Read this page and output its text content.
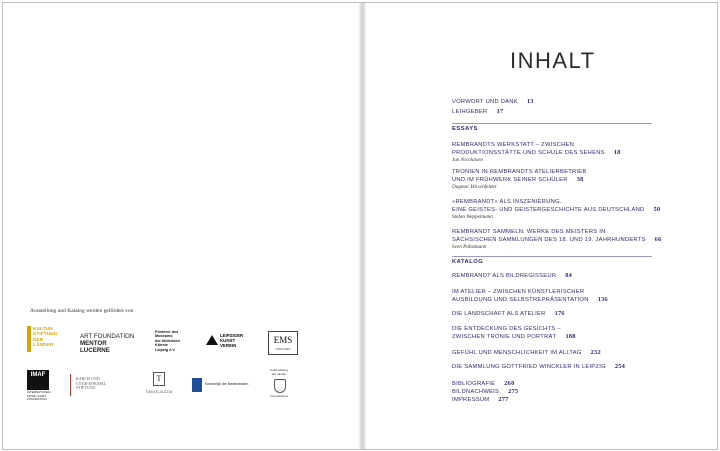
Ausstellung und Katalog werden gefördert von
KULTUR
STIFTUNG
DER
LÄNDER
ART FOUNDATION
MENTOR LUCERNE
Förderer des
Museums
der bildenden
Künste
Leipzig e.V.
LEIPZIGER
KUNST
VEREIN
EMS
STIFTUNG
IMAF
INTERNATIONAL
MUSIC & ART
FOUNDATION
KARCH UND
COUR-SINGHAL
STIFTUNG
T
TAVOLOZZA
Koninkrijk der Nederlanden
Kulturstiftung
der Länder
Freundeskreis
INHALT
VORWORT UND DANK 13
LEIHGEBER 17
ESSAYS
REMBRANDTS WERKSTATT – ZWISCHEN
PRODUKTIONSSTÄTTE UND SCHULE DES SEHENS 18
Jan Nicolaisen
TRONIEN IN REMBRANDTS ATELIERBETRIEB
UND IM FRÜHWERK SEINER SCHÜLER 38
Dagmar Hirschfelder
»REMBRANDT« ALS INSZENIERUNG.
EINE GEISTES- UND GEISTERGESCHICHTE AUS DEUTSCHLAND 50
Stefan Weppelmann
REMBRANDT SAMMELN. WERKE DES MEISTERS IN
SÄCHSISCHEN SAMMLUNGEN DES 18. UND 19. JAHRHUNDERTS 66
Sven Pabstmann
KATALOG
REMBRANDT ALS BILDREGISSEUR 84
IM ATELIER – ZWISCHEN KÜNSTLERISCHER
AUSBILDUNG UND SELBSTREPRÄSENTATION 136
DIE LANDSCHAFT ALS ATELIER 176
DIE ENTDECKUNG DES GESICHTS –
ZWISCHEN TRONIE UND PORTRÄT 188
GEFÜHL UND MENSCHLICHKEIT IM ALLTAG 232
DIE SAMMLUNG GOTTFRIED WINCKLER IN LEIPZIG 254
BIBLIOGRAFIE 260
BILDNACHWEIS 275
IMPRESSUM 277
